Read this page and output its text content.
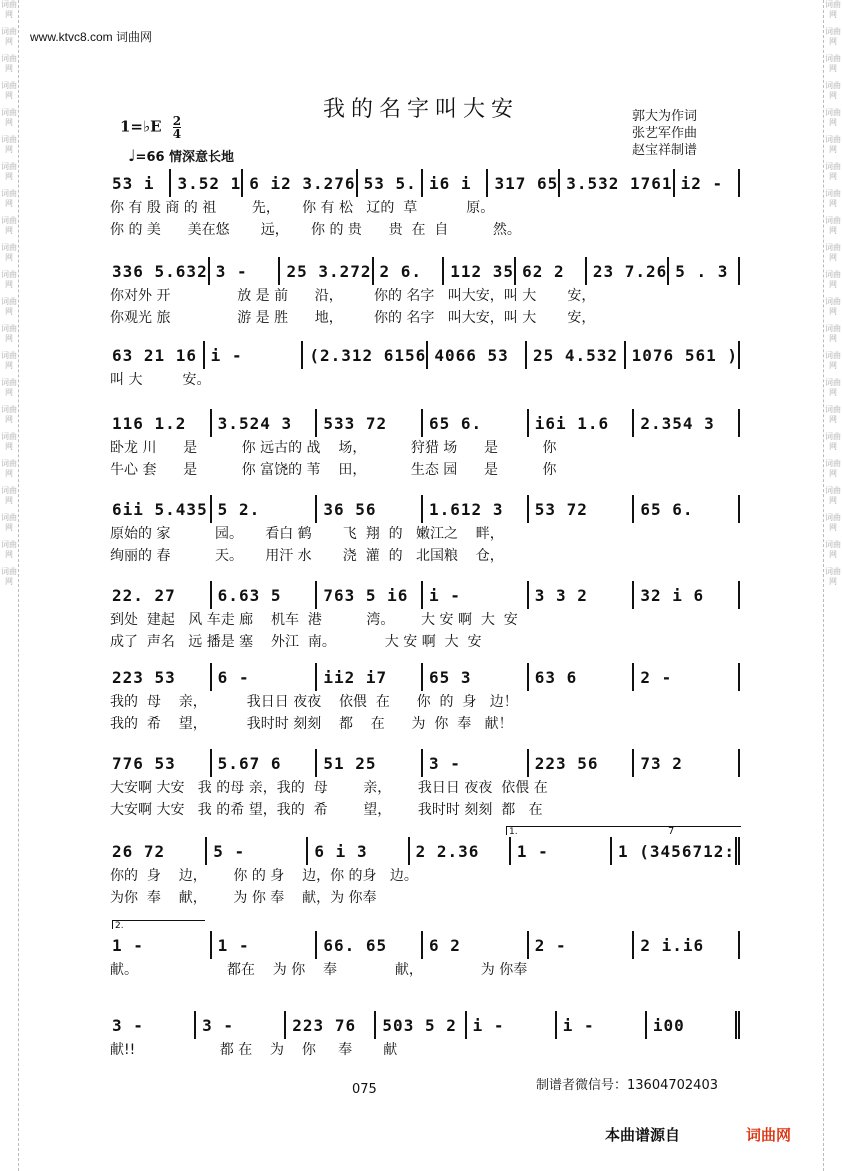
词曲网
词曲网
词曲网
词曲网
词曲网
词曲网
词曲网
词曲网
词曲网
词曲网
词曲网
词曲网
词曲网
词曲网
词曲网
词曲网
词曲网
词曲网
词曲网
词曲网
词曲网
词曲网
词曲网
词曲网
词曲网
词曲网
词曲网
词曲网
词曲网
词曲网
词曲网
词曲网
词曲网
词曲网
词曲网
词曲网
词曲网
词曲网
词曲网
词曲网
词曲网
词曲网
词曲网
词曲网
www.ktvc8.com 词曲网
我的名字叫大安
1=♭E $\frac{2}{4}$	郭大为作词
张艺军作曲
赵宝祥制谱
♩=66 情深意长地
53 i	3.52 1 6 i2 3.276 53 5. i6 i	317 65 3.532 1761 i2 -
你 有 殷 商 的 祖        先，     你 有 松   辽的  草           原。
你 的 美      美在悠       远，     你 的 贵      贵  在  自          然。
336 5.632 3 -	25 3.272 2 6.	112 35 62 2	23 7.26 5 . 3
你对外 开               放 是 前      沿，       你的 名字   叫大安，叫 大       安，
你观光 旅               游 是 胜      地，       你的 名字   叫大安，叫 大       安，
63 21 16 i -	(2.312 6156 4066 53	25 4.532 1076 561 )
叫 大         安。
116 1.2	3.524 3	533 72	65 6.	i6i 1.6	2.354 3
卧龙 川      是          你 远古的 战    场，          狩猎 场      是          你
牛心 套      是          你 富饶的 苇    田，          生态 园      是          你
6ii 5.435 5 2.	36 56	1.612 3	53 72	65 6.
原始的 家          园。     看白 鹤       飞  翔  的   嫩江之    畔，
绚丽的 春          天。     用汗 水       浇  灌  的   北国粮    仓，
22. 27	6.63 5	763 5 i6	i -	3 3 2	32 i 6
到处  建起   风 车走 廊    机车  港          湾。      大 安 啊  大  安
成了  声名   远 播是 塞    外江  南。           大 安 啊  大  安
223 53	6 -	ii2 i7	65 3	63 6	2 -
我的  母    亲，         我日日 夜夜    依偎  在      你  的  身   边！
我的  希    望，         我时时 刻刻    都    在      为  你  奉   献！
776 53	5.67 6	51 25	3 -	223 56	73 2
大安啊 大安   我 的母 亲，我的  母        亲，      我日日 夜夜  依偎 在
大安啊 大安   我 的希 望，我的  希        望，      我时时 刻刻  都   在
26 72	5 -	6 i 3	2 2.36	1 -	1 (3456712:
你的  身    边，      你 的 身    边，你 的身   边。
为你  奉    献，      为 你 奉    献，为 你奉
1 -	1 -	66. 65	6 2	2 -	2 i.i6
献。                    都在    为 你    奉             献，             为 你奉
3 -	3 -	223 76	503 5 2 i -	i -	i00
献!!                   都 在    为    你     奉       献
075	制谱者微信号：13604702403
本曲谱源自	词曲网
1.
2.
7
